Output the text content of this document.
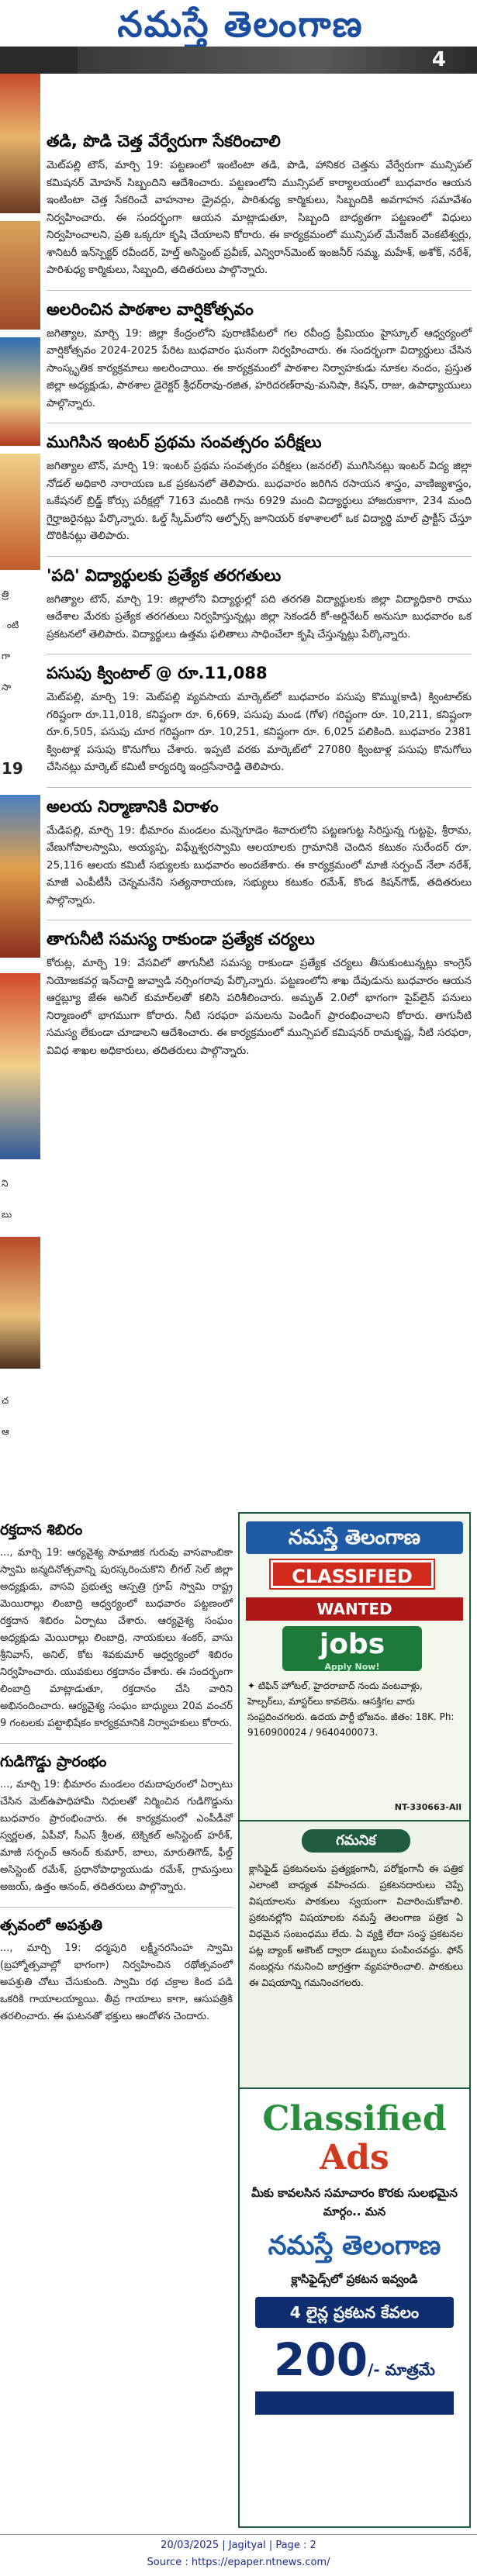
నమస్తే తెలంగాణ
4
త్రి
ంటి
గా
సా
19
ని
బు
చ
ఆ
తడి, పొడి చెత్త వేర్వేరుగా సేకరించాలి
మెట్‌పల్లి టౌన్, మార్చి 19: పట్టణంలో ఇంటింటా తడి, పొడి, హానికర చెత్తను వేర్వేరుగా మున్సిపల్ కమిషనర్ మోహన్ సిబ్బందిని ఆదేశించారు. పట్టణంలోని మున్సిపల్ కార్యాలయంలో బుధవారం ఆయన ఇంటింటా చెత్త సేకరించే వాహనాల డ్రైవర్లు, పారిశుధ్య కార్మికులు, సిబ్బందికి అవగాహన సమావేశం నిర్వహించారు. ఈ సందర్భంగా ఆయన మాట్లాడుతూ, సిబ్బంది బాధ్యతగా పట్టణంలో విధులు నిర్వహించాలని, ప్రతి ఒక్కరూ కృషి చేయాలని కోరారు. ఈ కార్యక్రమంలో మున్సిపల్ మేనేజర్ వెంకటేశ్వర్లు, శానిటరీ ఇన్‌స్పెక్టర్ రవీందర్, హెల్త్ అసిస్టెంట్ ప్రవీణ్, ఎన్విరాన్‌మెంట్ ఇంజనీర్ సమ్మ, మహేశ్, అశోక్, నరేశ్, పారిశుధ్య కార్మికులు, సిబ్బంది, తదితరులు పాల్గొన్నారు.
అలరించిన పాఠశాల వార్షికోత్సవం
జగిత్యాల, మార్చి 19: జిల్లా కేంద్రంలోని పురాణిపేటలో గల రవీంద్ర ప్రీమియం హైస్కూల్ ఆధ్వర్యంలో వార్షికోత్సవం 2024-2025 పేరిట బుధవారం ఘనంగా నిర్వహించారు. ఈ సందర్భంగా విద్యార్థులు చేసిన సాంస్కృతిక కార్యక్రమాలు అలరించాయి. ఈ కార్యక్రమంలో పాఠశాల నిర్వాహకుడు నూకల నందం, ప్రస్తుత జిల్లా అధ్యక్షుడు, పాఠశాల డైరెక్టర్ శ్రీధర్‌రావు-రజిత, హరిదరణ్‌రావు-మనిషా, కిషన్, రాజు, ఉపాధ్యాయులు పాల్గొన్నారు.
ముగిసిన ఇంటర్ ప్రథమ సంవత్సరం పరీక్షలు
జగిత్యాల టౌన్, మార్చి 19: ఇంటర్ ప్రథమ సంవత్సరం పరీక్షలు (జనరల్) ముగిసినట్లు ఇంటర్ విద్య జిల్లా నోడల్ అధికారి నారాయణ ఒక ప్రకటనలో తెలిపారు. బుధవారం జరిగిన రసాయన శాస్త్రం, వాణిజ్యశాస్త్రం, ఒకేషనల్ బ్రిడ్జ్ కోర్సు పరీక్షల్లో 7163 మందికి గాను 6929 మంది విద్యార్థులు హాజరుకాగా, 234 మంది గైర్హాజరైనట్లు పేర్కొన్నారు. ఓల్డ్ స్కీమ్‌లోని ఆల్ఫోర్స్ జూనియర్ కళాశాలలో ఒక విద్యార్థి మాల్ ప్రాక్టీస్ చేస్తూ దొరికినట్లు తెలిపారు.
'పది' విద్యార్థులకు ప్రత్యేక తరగతులు
జగిత్యాల టౌన్, మార్చి 19: జిల్లాలోని విద్యార్థుల్లో పది తరగతి విద్యార్థులకు జిల్లా విద్యాధికారి రాము ఆదేశాల మేరకు ప్రత్యేక తరగతులు నిర్వహిస్తున్నట్లు జిల్లా సెకండరీ కో-ఆర్డినేటర్ అనుసూ బుధవారం ఒక ప్రకటనలో తెలిపారు. విద్యార్థులు ఉత్తమ ఫలితాలు సాధించేలా కృషి చేస్తున్నట్లు పేర్కొన్నారు.
పసుపు క్వింటాల్ @ రూ.11,088
మెట్‌పల్లి, మార్చి 19: మెట్‌పల్లి వ్యవసాయ మార్కెట్‌లో బుధవారం పసుపు కొమ్ము(కాడి) క్వింటాల్‌కు గరిష్టంగా రూ.11,018, కనిష్టంగా రూ. 6,669, పసుపు మండ (గోళ) గరిష్టంగా రూ. 10,211, కనిష్టంగా రూ.6,505, పసుపు చూర గరిష్టంగా రూ. 10,251, కనిష్టంగా రూ. 6,025 పలికింది. బుధవారం 2381 క్వింటాళ్ల పసుపు కొనుగోలు చేశారు. ఇప్పటి వరకు మార్కెట్‌లో 27080 క్వింటాళ్ల పసుపు కొనుగోలు చేసినట్లు మార్కెట్ కమిటీ కార్యదర్శి ఇంద్రసేనారెడ్డి తెలిపారు.
అలయ నిర్మాణానికి విరాళం
మేడిపల్లి, మార్చి 19: భీమారం మండలం మన్నెగూడెం శివారులోని పట్టణగుట్ట సిరిస్తున్న గుట్టపై, శ్రీరామ, వేణుగోపాలస్వామి, అయ్యప్ప, విఘ్నేశ్వరస్వామి ఆలయాలకు గ్రామానికి చెందిన కటుకం సురేందర్ రూ. 25,116 ఆలయ కమిటీ సభ్యులకు బుధవారం అందజేశారు. ఈ కార్యక్రమంలో మాజీ సర్పంచ్ నేలా నరేశ్, మాజీ ఎంపీటీసీ చెన్నమనేని సత్యనారాయణ, సభ్యులు కటుకం రమేశ్, కొండ కిషన్‌గౌడ్, తదితరులు పాల్గొన్నారు.
తాగునీటి సమస్య రాకుండా ప్రత్యేక చర్యలు
కోరుట్ల, మార్చి 19: వేసవిలో తాగునీటి సమస్య రాకుండా ప్రత్యేక చర్యలు తీసుకుంటున్నట్లు కాంగ్రెస్ నియోజకవర్గ ఇన్‌చార్జి జువ్వాడి నర్సింగరావు పేర్కొన్నారు. పట్టణంలోని శాఖ దేవుడును బుధవారం ఆయన ఆర్డబ్ల్యూ జేఈ అనిల్ కుమార్‌లతో కలిసి పరిశీలించారు. అమృత్ 2.0లో భాగంగా పైప్‌లైన్ పనులు నిర్మాణంలో భాగముగా కోరారు. నీటి సరఫరా పనులను పెండింగ్ ప్రారంభించాలని కోరారు. తాగునీటి సమస్య లేకుండా చూడాలని ఆదేశించారు. ఈ కార్యక్రమంలో మున్సిపల్ కమిషనర్ రామకృష్ణ, నీటి సరఫరా, వివిధ శాఖల అధికారులు, తదితరులు పాల్గొన్నారు.
రక్తదాన శిబిరం
..., మార్చి 19: ఆర్యవైశ్య సామాజిక గురువు వాసవాంబికా స్వామి జన్మదినోత్సవాన్ని పురస్కరించుకొని లీగల్ సెల్ జిల్లా అధ్యక్షుడు, వాసవి ప్రభుత్వ ఆస్పత్రి గ్రూప్ స్వామి రాష్ట్ర మెయిరాల్లు లింబాద్రి ఆధ్వర్యంలో బుధవారం పట్టణంలో రక్తదాన శిబిరం ఏర్పాటు చేశారు. ఆర్యవైశ్య సంఘం అధ్యక్షుడు మెయిరాల్లు లింబాద్రి, నాయకులు శంకర్, వాసు శ్రీనివాస్, అనిల్, కోట శివకుమార్ ఆధ్వర్యంలో శిబిరం నిర్వహించారు. యువకులు రక్తదానం చేశారు. ఈ సందర్భంగా లింబాద్రి మాట్లాడుతూ, రక్తదానం చేసి వారిని అభినందించారు. ఆర్యవైశ్య సంఘం బాధ్యులు 20వ వంచర్ 9 గంటలకు పట్టాభిషేకం కార్యక్రమానికి నిర్వాహకులు కోరారు.
గుడిగొడ్డు ప్రారంభం
..., మార్చి 19: భీమారం మండలం రమదాపురంలో ఏర్పాటు చేసిన మెట్‌ఉపాధిహామీ నిధులతో నిర్మించిన గుడిగొడ్డును బుధవారం ప్రారంభించారు. ఈ కార్యక్రమంలో ఎంపీడీవో స్వర్ణలత, ఏపీవో, సీఎస్ శ్రీలత, టెక్నికల్ అసిస్టెంట్ హరీశ్, మాజీ సర్పంచ్ ఆనంద్ కుమార్, బాలు, మారుతిగౌడ్, ఫీల్డ్ అసిస్టెంట్ రమేశ్, ప్రధానోపాధ్యాయుడు రమేశ్, గ్రామస్తులు అజయ్, ఉత్తం ఆనంద్, తదితరులు పాల్గొన్నారు.
త్సవంలో అపశ్రుతి
..., మార్చి 19: ధర్మపురి లక్ష్మీనరసింహ స్వామి (బ్రహ్మోత్సవాల్లో భాగంగా) నిర్వహించిన రథోత్సవంలో అపశ్రుతి చోటు చేసుకుంది. స్వామి రథ చక్రాల కింద పడి ఒకరికి గాయాలయ్యాయి. తీవ్ర గాయాలు కాగా, ఆసుపత్రికి తరలించారు. ఈ ఘటనతో భక్తులు ఆందోళన చెందారు.
నమస్తే తెలంగాణ
CLASSIFIED
WANTED
jobs
Apply Now!
✦ టిఫిన్ హోటల్, హైదరాబాద్ నందు వంటవాళ్లు, హెల్పర్‌లు, మాస్టర్‌లు కావలెను. ఆసక్తిగల వారు సంప్రదించగలరు. ఉదయ పార్టీ భోజనం. జీతం: 18K. Ph: 9160900024 / 9640400073.
NT-330663-All
గమనిక
క్లాసిఫైడ్ ప్రకటనలను ప్రత్యక్షంగానీ, పరోక్షంగానీ ఈ పత్రిక ఎలాంటి బాధ్యత వహించదు. ప్రకటనదారులు చెప్పే విషయాలను పాఠకులు స్వయంగా విచారించుకోవాలి. ప్రకటనల్లోని విషయాలకు నమస్తే తెలంగాణ పత్రిక ఏ విధమైన సంబంధము లేదు. ఏ వ్యక్తి లేదా సంస్థ ప్రకటనల పట్ల బ్యాంక్ అకౌంట్ ద్వారా డబ్బులు పంపించవద్దు. ఫోన్ నంబర్లను గమనించి జాగ్రత్తగా వ్యవహరించాలి. పాఠకులు ఈ విషయాన్ని గమనించగలరు.
Classified
Ads
మీకు కావలసిన సమాచారం కొరకు సులభమైన మార్గం.. మన
నమస్తే తెలంగాణ
క్లాసిఫైడ్స్‌లో ప్రకటన ఇవ్వండి
4 లైన్ల ప్రకటన కేవలం
200/- మాత్రమే
20/03/2025 | Jagityal | Page : 2
Source : https://epaper.ntnews.com/
